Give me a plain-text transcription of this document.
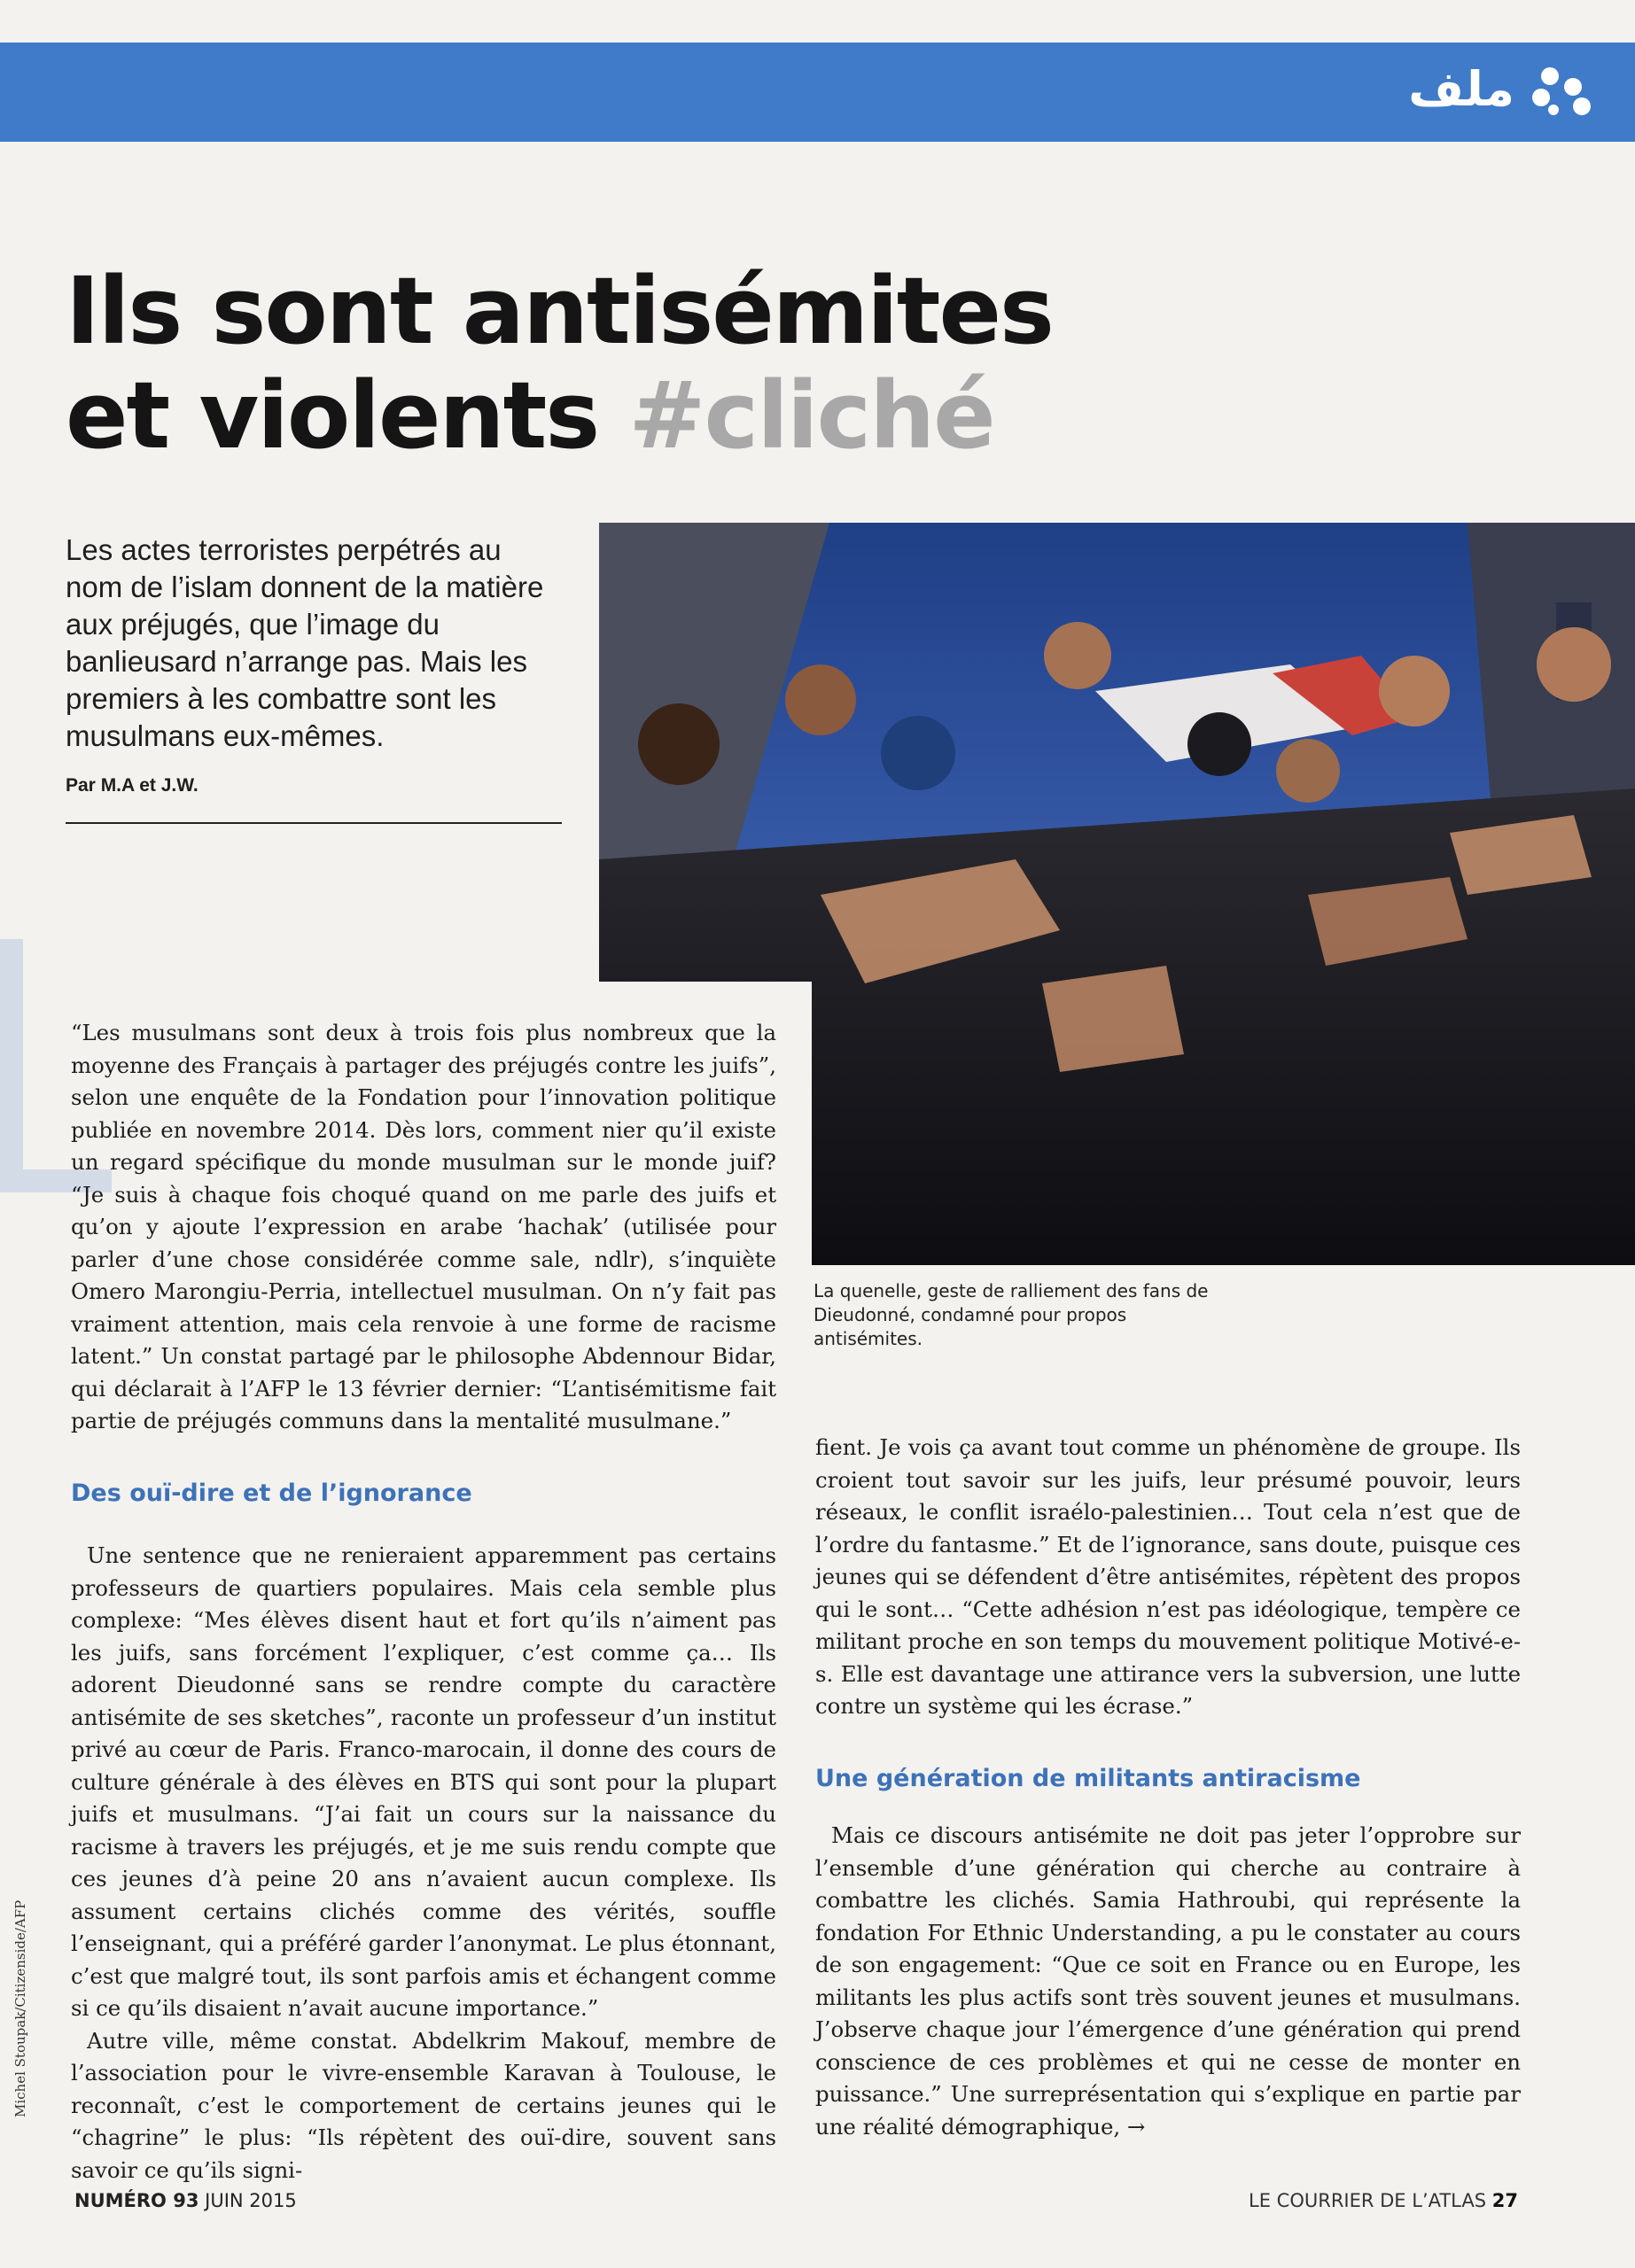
ملف
Ils sont antisémites
et violents #cliché

Les actes terroristes perpétrés au nom de l’islam donnent de la matière aux préjugés, que l’image du banlieusard n’arrange pas. Mais les premiers à les combattre sont les musulmans eux-mêmes.

Par M.A et J.W.

La quenelle, geste de ralliement des fans de Dieudonné, condamné pour propos antisémites.

“Les musulmans sont deux à trois fois plus nombreux que la moyenne des Français à partager des préjugés contre les juifs”, selon une enquête de la Fondation pour l’innovation politique publiée en novembre 2014. Dès lors, comment nier qu’il existe un regard spécifique du monde musulman sur le monde juif? “Je suis à chaque fois choqué quand on me parle des juifs et qu’on y ajoute l’expression en arabe ‘hachak’ (utilisée pour parler d’une chose considérée comme sale, ndlr), s’inquiète Omero Marongiu-Perria, intellectuel musulman. On n’y fait pas vraiment attention, mais cela renvoie à une forme de racisme latent.” Un constat partagé par le philosophe Abdennour Bidar, qui déclarait à l’AFP le 13 février dernier: “L’antisémitisme fait partie de préjugés communs dans la mentalité musulmane.”

Des ouï-dire et de l’ignorance

Une sentence que ne renieraient apparemment pas certains professeurs de quartiers populaires. Mais cela semble plus complexe: “Mes élèves disent haut et fort qu’ils n’aiment pas les juifs, sans forcément l’expliquer, c’est comme ça… Ils adorent Dieudonné sans se rendre compte du caractère antisémite de ses sketches”, raconte un professeur d’un institut privé au cœur de Paris. Franco-marocain, il donne des cours de culture générale à des élèves en BTS qui sont pour la plupart juifs et musulmans. “J’ai fait un cours sur la naissance du racisme à travers les préjugés, et je me suis rendu compte que ces jeunes d’à peine 20 ans n’avaient aucun complexe. Ils assument certains clichés comme des vérités, souffle l’enseignant, qui a préféré garder l’anonymat. Le plus étonnant, c’est que malgré tout, ils sont parfois amis et échangent comme si ce qu’ils disaient n’avait aucune importance.”

Autre ville, même constat. Abdelkrim Makouf, membre de l’association pour le vivre-ensemble Karavan à Toulouse, le reconnaît, c’est le comportement de certains jeunes qui le “chagrine” le plus: “Ils répètent des ouï-dire, souvent sans savoir ce qu’ils signi-

fient. Je vois ça avant tout comme un phénomène de groupe. Ils croient tout savoir sur les juifs, leur présumé pouvoir, leurs réseaux, le conflit israélo-palestinien… Tout cela n’est que de l’ordre du fantasme.” Et de l’ignorance, sans doute, puisque ces jeunes qui se défendent d’être antisémites, répètent des propos qui le sont… “Cette adhésion n’est pas idéologique, tempère ce militant proche en son temps du mouvement politique Motivé-e-s. Elle est davantage une attirance vers la subversion, une lutte contre un système qui les écrase.”

Une génération de militants antiracisme

Mais ce discours antisémite ne doit pas jeter l’opprobre sur l’ensemble d’une génération qui cherche au contraire à combattre les clichés. Samia Hathroubi, qui représente la fondation For Ethnic Understanding, a pu le constater au cours de son engagement: “Que ce soit en France ou en Europe, les militants les plus actifs sont très souvent jeunes et musulmans. J’observe chaque jour l’émergence d’une génération qui prend conscience de ces problèmes et qui ne cesse de monter en puissance.” Une surreprésentation qui s’explique en partie par une réalité démographique, →

Michel Stoupak/Citizenside/AFP
NUMÉRO 93 JUIN 2015	LE COURRIER DE L’ATLAS 27
